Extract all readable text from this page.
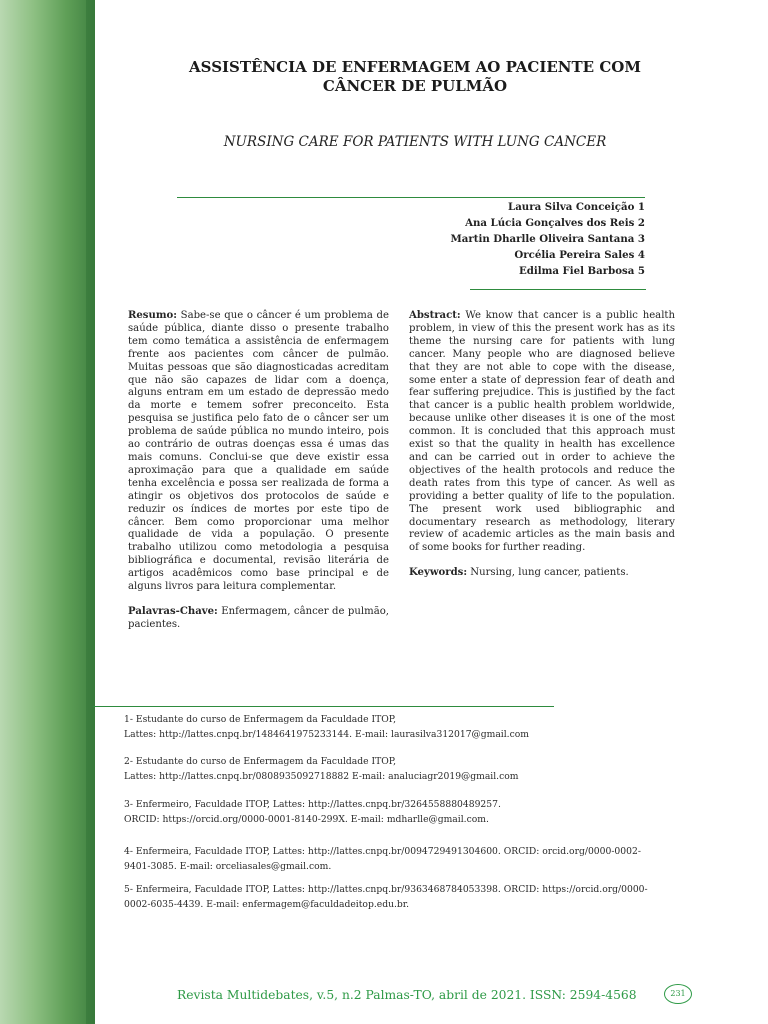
ASSISTÊNCIA DE ENFERMAGEM AO PACIENTE COM
CÂNCER DE PULMÃO
NURSING CARE FOR PATIENTS WITH LUNG CANCER
Laura Silva Conceição 1
Ana Lúcia Gonçalves dos Reis 2
Martin Dharlle Oliveira Santana 3
Orcélia Pereira Sales 4
Edilma Fiel Barbosa 5

Resumo: Sabe-se que o câncer é um problema de saúde pública, diante disso o presente trabalho tem como temática a assistência de enfermagem frente aos pacientes com câncer de pulmão. Muitas pessoas que são diagnosticadas acreditam que não são capazes de lidar com a doença, alguns entram em um estado de depressão medo da morte e temem sofrer preconceito. Esta pesquisa se justifica pelo fato de o câncer ser um problema de saúde pública no mundo inteiro, pois ao contrário de outras doenças essa é umas das mais comuns. Conclui-se que deve existir essa aproximação para que a qualidade em saúde tenha excelência e possa ser realizada de forma a atingir os objetivos dos protocolos de saúde e reduzir os índices de mortes por este tipo de câncer. Bem como proporcionar uma melhor qualidade de vida a população. O presente trabalho utilizou como metodologia a pesquisa bibliográfica e documental, revisão literária de artigos acadêmicos como base principal e de alguns livros para leitura complementar.

Palavras-Chave: Enfermagem, câncer de pulmão, pacientes.

Abstract: We know that cancer is a public health problem, in view of this the present work has as its theme the nursing care for patients with lung cancer. Many people who are diagnosed believe that they are not able to cope with the disease, some enter a state of depression fear of death and fear suffering prejudice. This is justified by the fact that cancer is a public health problem worldwide, because unlike other diseases it is one of the most common. It is concluded that this approach must exist so that the quality in health has excellence and can be carried out in order to achieve the objectives of the health protocols and reduce the death rates from this type of cancer. As well as providing a better quality of life to the population. The present work used bibliographic and documentary research as methodology, literary review of academic articles as the main basis and of some books for further reading.

Keywords: Nursing, lung cancer, patients.

1- Estudante do curso de Enfermagem da Faculdade ITOP,
Lattes: http://lattes.cnpq.br/1484641975233144. E-mail: laurasilva312017@gmail.com
2- Estudante do curso de Enfermagem da Faculdade ITOP,
Lattes: http://lattes.cnpq.br/0808935092718882 E-mail: analuciagr2019@gmail.com
3- Enfermeiro, Faculdade ITOP, Lattes: http://lattes.cnpq.br/3264558880489257.
ORCID: https://orcid.org/0000-0001-8140-299X. E-mail: mdharlle@gmail.com.
4- Enfermeira, Faculdade ITOP, Lattes: http://lattes.cnpq.br/0094729491304600. ORCID: orcid.org/0000-0002-9401-3085. E-mail: orceliasales@gmail.com.
5- Enfermeira, Faculdade ITOP, Lattes: http://lattes.cnpq.br/9363468784053398. ORCID: https://orcid.org/0000-0002-6035-4439. E-mail: enfermagem@faculdadeitop.edu.br.
Revista Multidebates, v.5, n.2 Palmas-TO, abril de 2021. ISSN: 2594-4568	231
